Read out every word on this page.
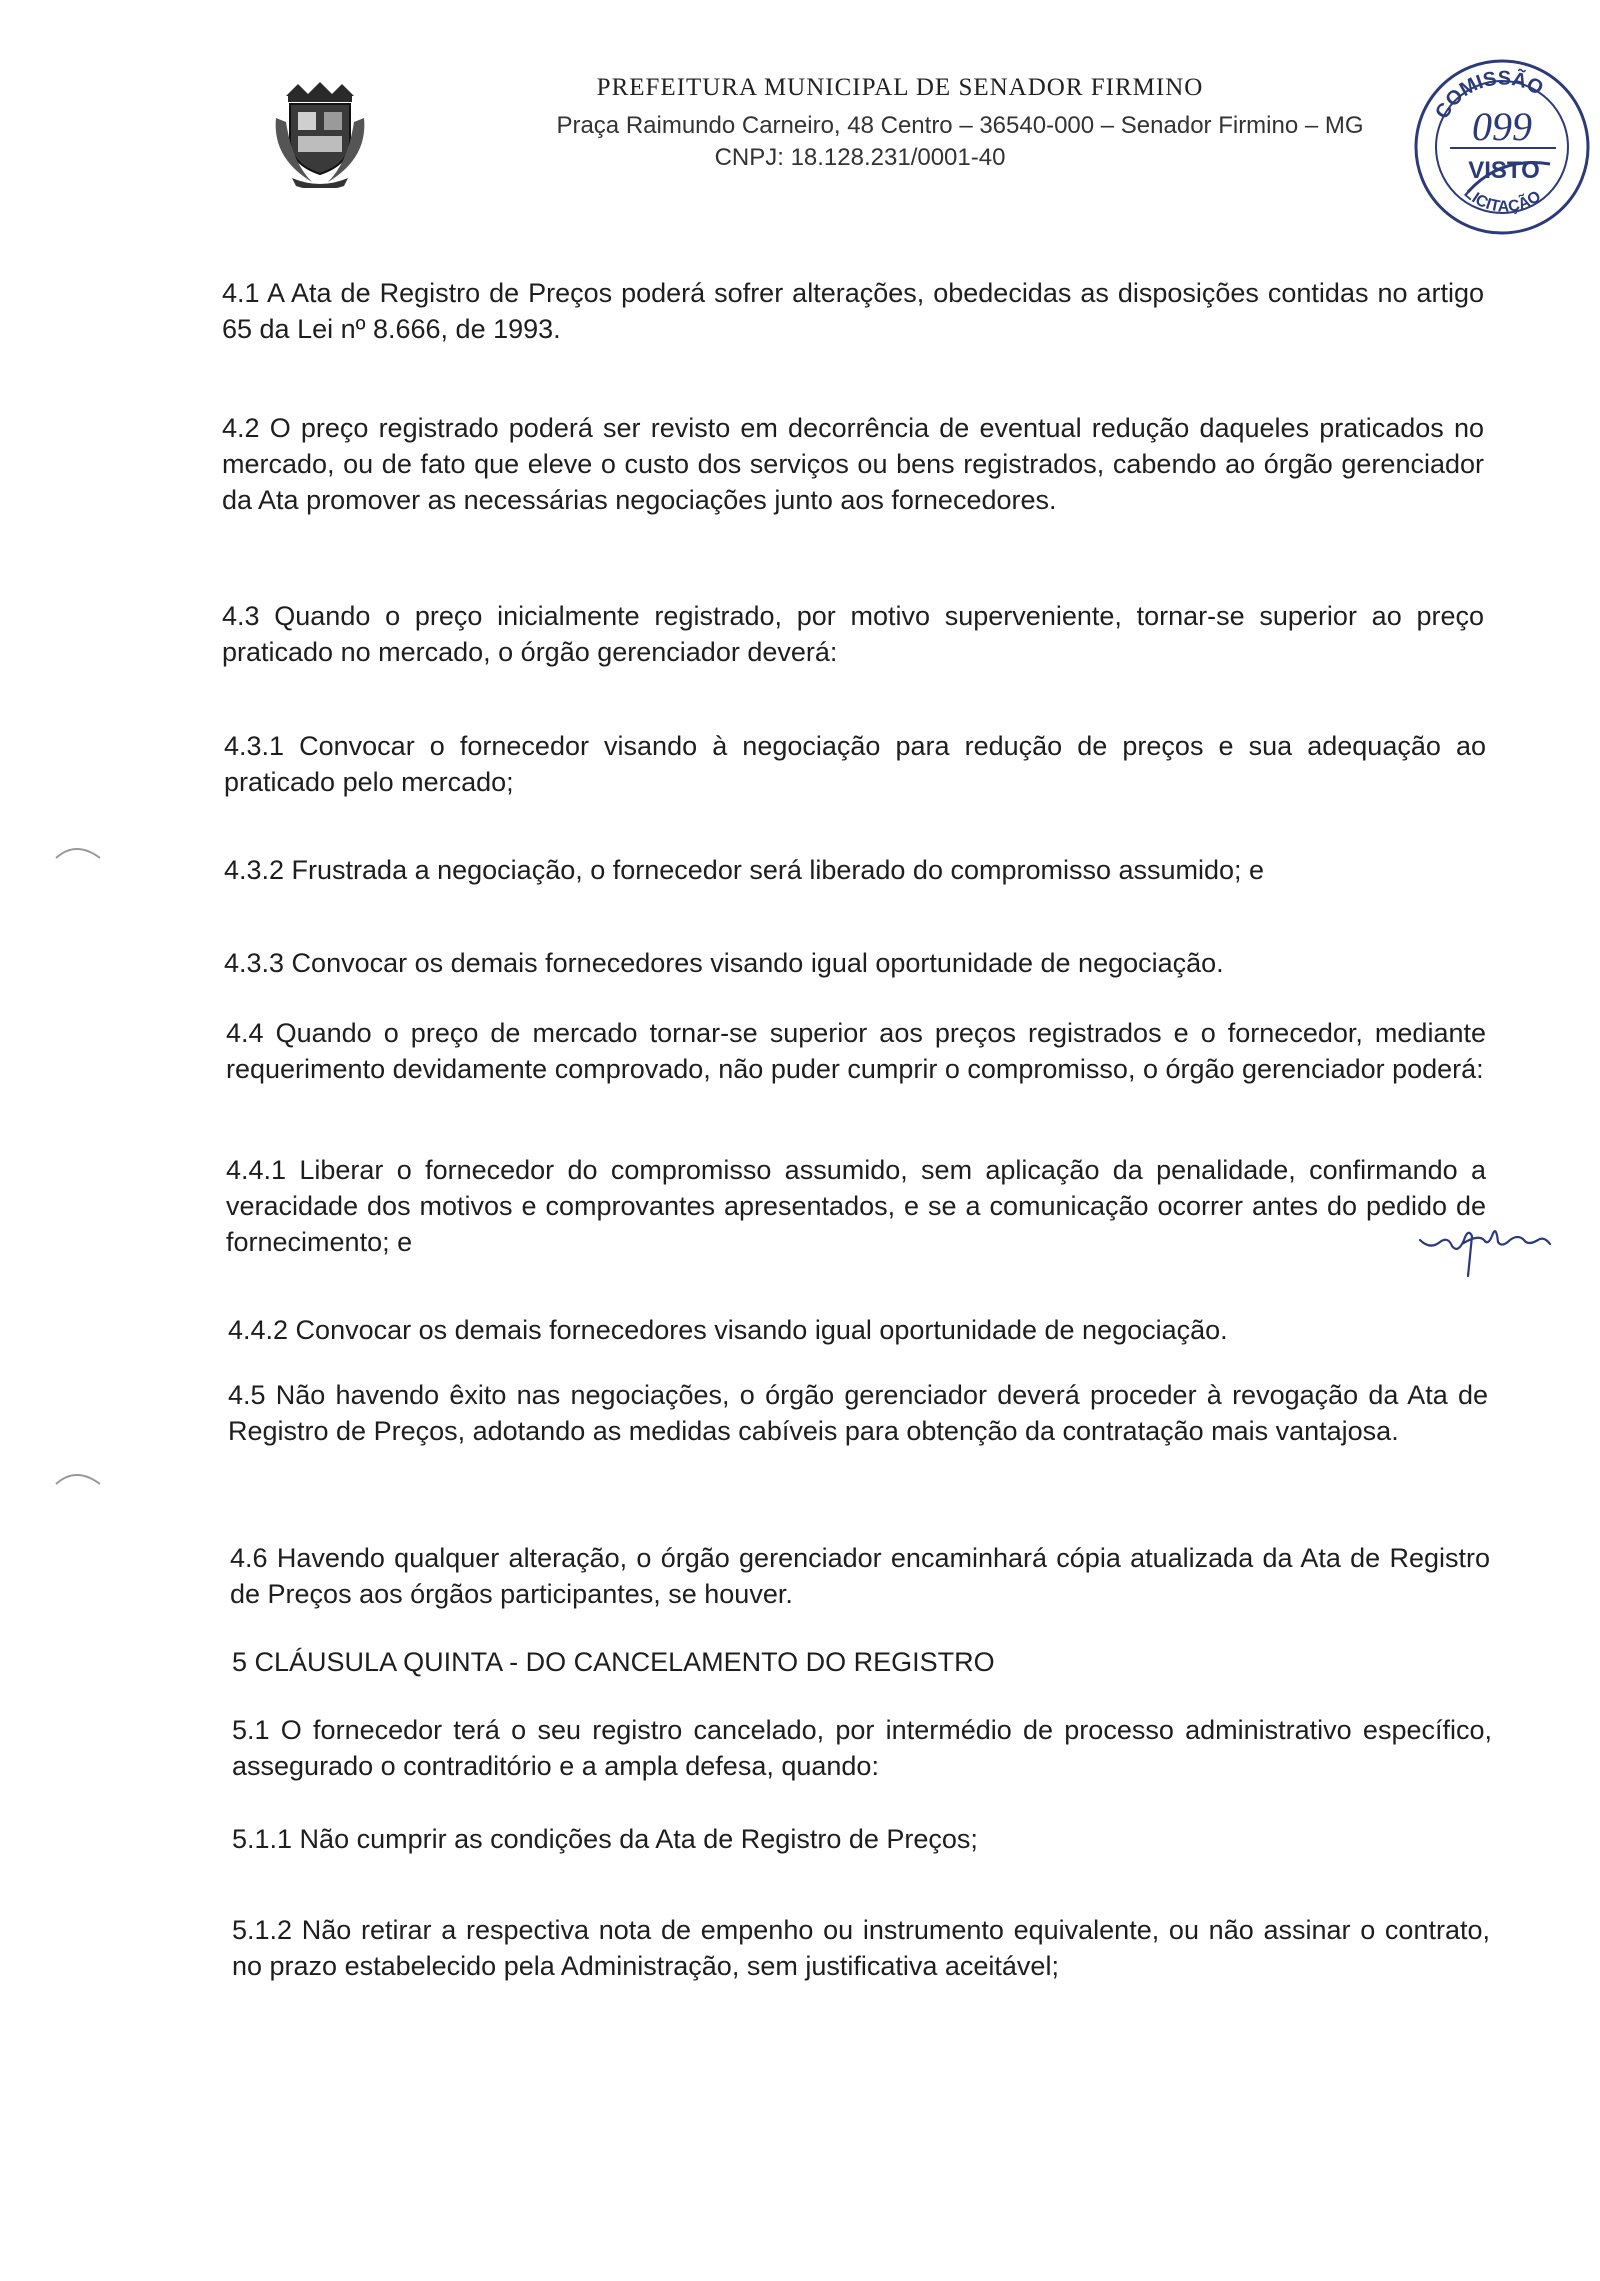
PREFEITURA MUNICIPAL DE SENADOR FIRMINO
Praça Raimundo Carneiro, 48 Centro – 36540-000 – Senador Firmino – MG
CNPJ: 18.128.231/0001-40
COMISSÃO
099
VISTO
LICITAÇÃO
4.1 A Ata de Registro de Preços poderá sofrer alterações, obedecidas as disposições contidas no artigo 65 da Lei nº 8.666, de 1993.
4.2 O preço registrado poderá ser revisto em decorrência de eventual redução daqueles praticados no mercado, ou de fato que eleve o custo dos serviços ou bens registrados, cabendo ao órgão gerenciador da Ata promover as necessárias negociações junto aos fornecedores.
4.3 Quando o preço inicialmente registrado, por motivo superveniente, tornar-se superior ao preço praticado no mercado, o órgão gerenciador deverá:
4.3.1 Convocar o fornecedor visando à negociação para redução de preços e sua adequação ao praticado pelo mercado;
4.3.2 Frustrada a negociação, o fornecedor será liberado do compromisso assumido; e
4.3.3 Convocar os demais fornecedores visando igual oportunidade de negociação.
4.4 Quando o preço de mercado tornar-se superior aos preços registrados e o fornecedor, mediante requerimento devidamente comprovado, não puder cumprir o compromisso, o órgão gerenciador poderá:
4.4.1 Liberar o fornecedor do compromisso assumido, sem aplicação da penalidade, confirmando a veracidade dos motivos e comprovantes apresentados, e se a comunicação ocorrer antes do pedido de fornecimento; e
4.4.2 Convocar os demais fornecedores visando igual oportunidade de negociação.
4.5 Não havendo êxito nas negociações, o órgão gerenciador deverá proceder à revogação da Ata de Registro de Preços, adotando as medidas cabíveis para obtenção da contratação mais vantajosa.
4.6 Havendo qualquer alteração, o órgão gerenciador encaminhará cópia atualizada da Ata de Registro de Preços aos órgãos participantes, se houver.
5 CLÁUSULA QUINTA - DO CANCELAMENTO DO REGISTRO
5.1 O fornecedor terá o seu registro cancelado, por intermédio de processo administrativo específico, assegurado o contraditório e a ampla defesa, quando:
5.1.1 Não cumprir as condições da Ata de Registro de Preços;
5.1.2 Não retirar a respectiva nota de empenho ou instrumento equivalente, ou não assinar o contrato, no prazo estabelecido pela Administração, sem justificativa aceitável;
